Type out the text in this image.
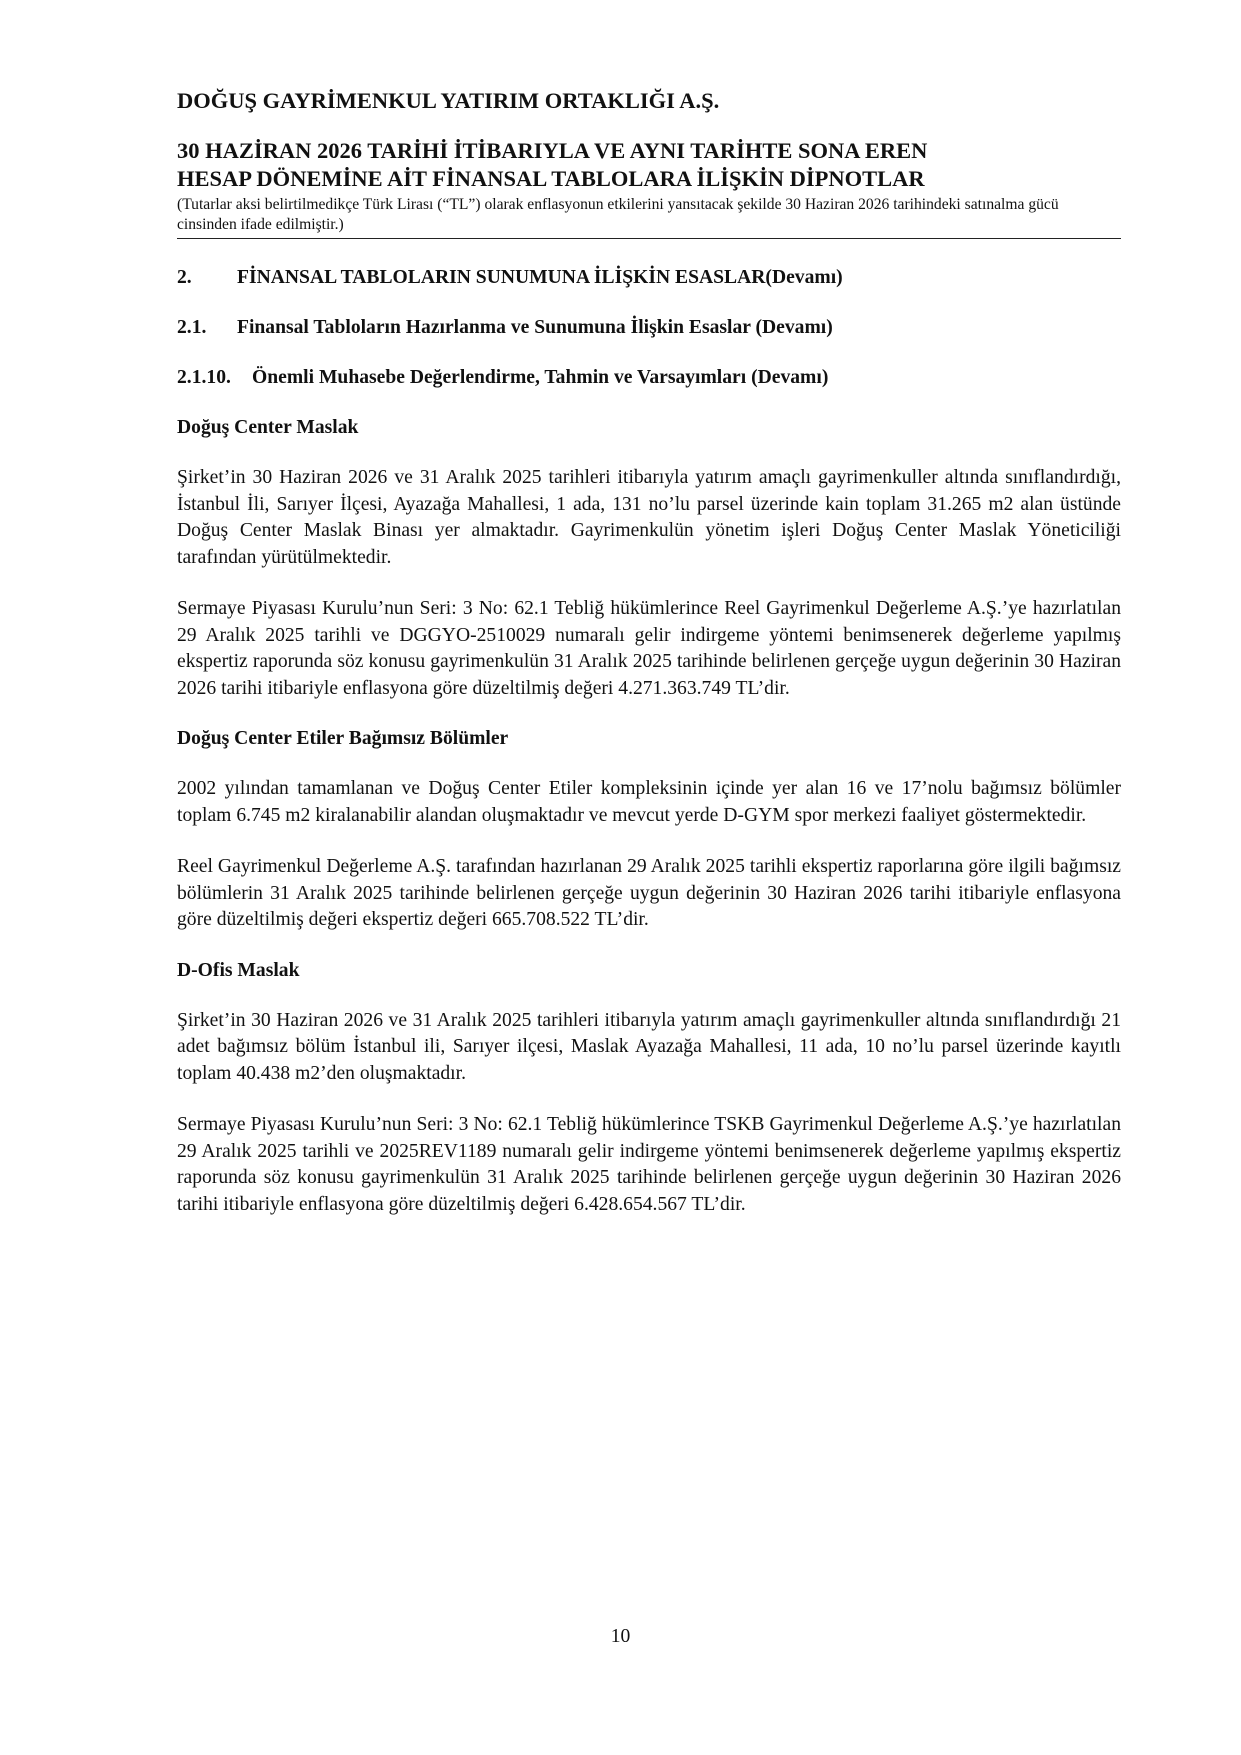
DOĞUŞ GAYRİMENKUL YATIRIM ORTAKLIĞI A.Ş.
30 HAZİRAN 2026 TARİHİ İTİBARIYLA VE AYNI TARİHTE SONA EREN
HESAP DÖNEMİNE AİT FİNANSAL TABLOLARA İLİŞKİN DİPNOTLAR
(Tutarlar aksi belirtilmedikçe Türk Lirası (“TL”) olarak enflasyonun etkilerini yansıtacak şekilde 30 Haziran 2026 tarihindeki satınalma gücü cinsinden ifade edilmiştir.)
2.	FİNANSAL TABLOLARIN SUNUMUNA İLİŞKİN ESASLAR(Devamı)
2.1.	Finansal Tabloların Hazırlanma ve Sunumuna İlişkin Esaslar (Devamı)
2.1.10.	Önemli Muhasebe Değerlendirme, Tahmin ve Varsayımları (Devamı)
Doğuş Center Maslak

Şirket’in 30 Haziran 2026 ve 31 Aralık 2025 tarihleri itibarıyla yatırım amaçlı gayrimenkuller altında sınıflandırdığı, İstanbul İli, Sarıyer İlçesi, Ayazağa Mahallesi, 1 ada, 131 no’lu parsel üzerinde kain toplam 31.265 m2 alan üstünde Doğuş Center Maslak Binası yer almaktadır. Gayrimenkulün yönetim işleri Doğuş Center Maslak Yöneticiliği tarafından yürütülmektedir.

Sermaye Piyasası Kurulu’nun Seri: 3 No: 62.1 Tebliğ hükümlerince Reel Gayrimenkul Değerleme A.Ş.’ye hazırlatılan 29 Aralık 2025 tarihli ve DGGYO-2510029 numaralı gelir indirgeme yöntemi benimsenerek değerleme yapılmış ekspertiz raporunda söz konusu gayrimenkulün 31 Aralık 2025 tarihinde belirlenen gerçeğe uygun değerinin 30 Haziran 2026 tarihi itibariyle enflasyona göre düzeltilmiş değeri 4.271.363.749 TL’dir.

Doğuş Center Etiler Bağımsız Bölümler

2002 yılından tamamlanan ve Doğuş Center Etiler kompleksinin içinde yer alan 16 ve 17’nolu bağımsız bölümler toplam 6.745 m2 kiralanabilir alandan oluşmaktadır ve mevcut yerde D-GYM spor merkezi faaliyet göstermektedir.

Reel Gayrimenkul Değerleme A.Ş. tarafından hazırlanan 29 Aralık 2025 tarihli ekspertiz raporlarına göre ilgili bağımsız bölümlerin 31 Aralık 2025 tarihinde belirlenen gerçeğe uygun değerinin 30 Haziran 2026 tarihi itibariyle enflasyona göre düzeltilmiş değeri ekspertiz değeri 665.708.522 TL’dir.

D-Ofis Maslak

Şirket’in 30 Haziran 2026 ve 31 Aralık 2025 tarihleri itibarıyla yatırım amaçlı gayrimenkuller altında sınıflandırdığı 21 adet bağımsız bölüm İstanbul ili, Sarıyer ilçesi, Maslak Ayazağa Mahallesi, 11 ada, 10 no’lu parsel üzerinde kayıtlı toplam 40.438 m2’den oluşmaktadır.

Sermaye Piyasası Kurulu’nun Seri: 3 No: 62.1 Tebliğ hükümlerince TSKB Gayrimenkul Değerleme A.Ş.’ye hazırlatılan 29 Aralık 2025 tarihli ve 2025REV1189 numaralı gelir indirgeme yöntemi benimsenerek değerleme yapılmış ekspertiz raporunda söz konusu gayrimenkulün 31 Aralık 2025 tarihinde belirlenen gerçeğe uygun değerinin 30 Haziran 2026 tarihi itibariyle enflasyona göre düzeltilmiş değeri 6.428.654.567 TL’dir.

10
